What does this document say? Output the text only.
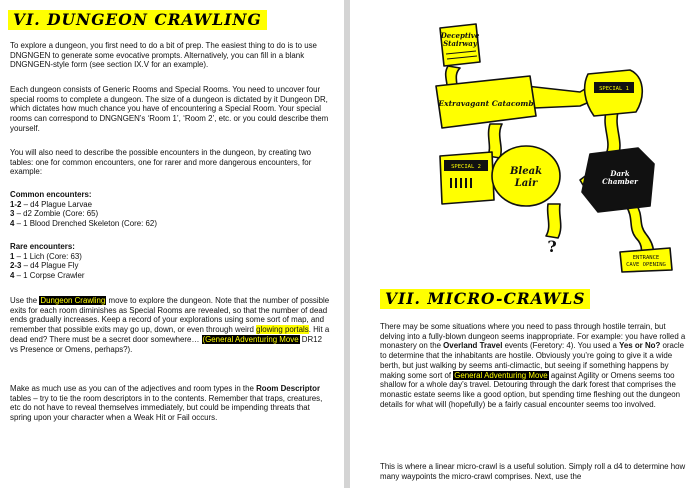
VI. DUNGEON CRAWLING

To explore a dungeon, you first need to do a bit of prep. The easiest thing to do is to use DNGNGEN to generate some evocative prompts. Alternatively, you can fill in a blank DNGNGEN-style form (see section IX.V for an example).

Each dungeon consists of Generic Rooms and Special Rooms. You need to uncover four special rooms to complete a dungeon. The size of a dungeon is dictated by it Dungeon DR, which dictates how much chance you have of encountering a Special Room. Your special rooms can correspond to DNGNGEN’s ‘Room 1’, ‘Room 2’, etc. or you could describe them yourself.

You will also need to describe the possible encounters in the dungeon, by creating two tables: one for common encounters, one for rarer and more dangerous encounters, for example:

Common encounters:

1-2 – d4 Plague Larvae

3 – d2 Zombie (Core: 65)

4 – 1 Blood Drenched Skeleton (Core: 62)

Rare encounters:

1 – 1 Lich (Core: 63)

2-3 – d4 Plague Fly

4 – 1 Corpse Crawler

Use the Dungeon Crawling move to explore the dungeon. Note that the number of possible exits for each room diminishes as Special Rooms are revealed, so that the number of dead ends gradually increases. Keep a record of your explorations using some sort of map, and remember that possible exits may go up, down, or even through weird glowing portals. Hit a dead end? There must be a secret door somewhere… (General Adventuring Move DR12 vs Presence or Omens, perhaps?).

Make as much use as you can of the adjectives and room types in the Room Descriptor tables – try to tie the room descriptors in to the contents. Remember that traps, creatures, etc do not have to reveal themselves immediately, but could be impending threats that spring upon your character when a Weak Hit or Fail occurs.

Deceptive
Stairway
Extravagant Catacomb
SPECIAL 1
SPECIAL 2	Bleak
Lair
Dark
Chamber
ENTRANCE
CAVE OPENING
?
VII. MICRO-CRAWLS

There may be some situations where you need to pass through hostile terrain, but delving into a fully-blown dungeon seems inappropriate. For example: you have rolled a monastery on the Overland Travel events (Feretory: 4). You used a Yes or No? oracle to determine that the inhabitants are hostile. Obviously you’re going to give it a wide berth, but just walking by seems anti-climactic, but seeing if something happens by making some sort of General Adventuring Move against Agility or Omens seems too shallow for a whole day’s travel. Detouring through the dark forest that comprises the monastic estate seems like a good option, but spending time fleshing out the dungeon details for what will (hopefully) be a fairly casual encounter seems too involved.

This is where a linear micro-crawl is a useful solution. Simply roll a d4 to determine how many waypoints the micro-crawl comprises. Next, use the
